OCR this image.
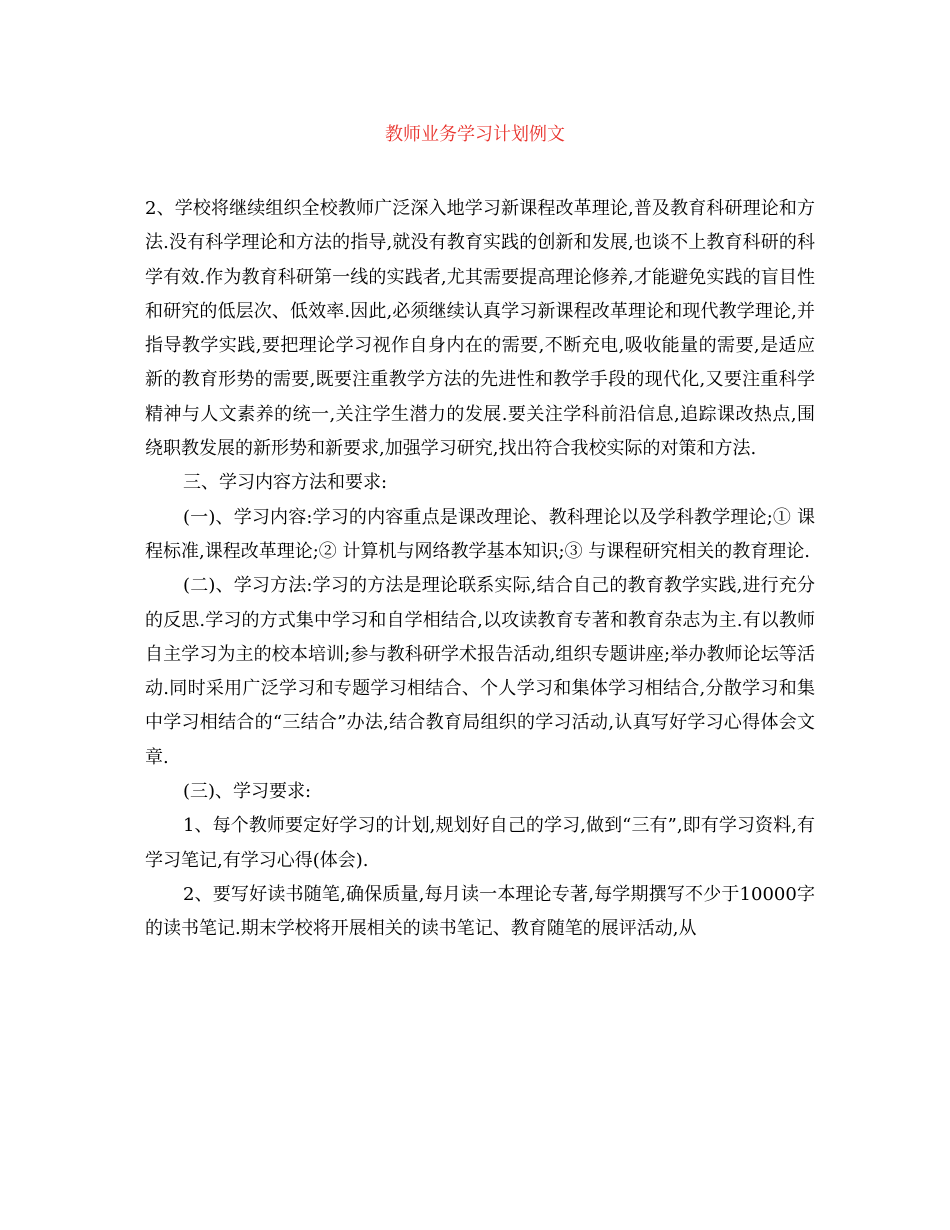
教师业务学习计划例文

2、学校将继续组织全校教师广泛深入地学习新课程改革理论,普及教育科研理论和方法.没有科学理论和方法的指导,就没有教育实践的创新和发展,也谈不上教育科研的科学有效.作为教育科研第一线的实践者,尤其需要提高理论修养,才能避免实践的盲目性和研究的低层次、低效率.因此,必须继续认真学习新课程改革理论和现代教学理论,并指导教学实践,要把理论学习视作自身内在的需要,不断充电,吸收能量的需要,是适应新的教育形势的需要,既要注重教学方法的先进性和教学手段的现代化,又要注重科学精神与人文素养的统一,关注学生潜力的发展.要关注学科前沿信息,追踪课改热点,围绕职教发展的新形势和新要求,加强学习研究,找出符合我校实际的对策和方法.

三、学习内容方法和要求:

(一)、学习内容:学习的内容重点是课改理论、教科理论以及学科教学理论;① 课程标准,课程改革理论;② 计算机与网络教学基本知识;③ 与课程研究相关的教育理论.

(二)、学习方法:学习的方法是理论联系实际,结合自己的教育教学实践,进行充分的反思.学习的方式集中学习和自学相结合,以攻读教育专著和教育杂志为主.有以教师自主学习为主的校本培训;参与教科研学术报告活动,组织专题讲座;举办教师论坛等活动.同时采用广泛学习和专题学习相结合、个人学习和集体学习相结合,分散学习和集中学习相结合的“三结合”办法,结合教育局组织的学习活动,认真写好学习心得体会文章.

(三)、学习要求:

1、每个教师要定好学习的计划,规划好自己的学习,做到“三有”,即有学习资料,有学习笔记,有学习心得(体会).

2、要写好读书随笔,确保质量,每月读一本理论专著,每学期撰写不少于10000字的读书笔记.期末学校将开展相关的读书笔记、教育随笔的展评活动,从
